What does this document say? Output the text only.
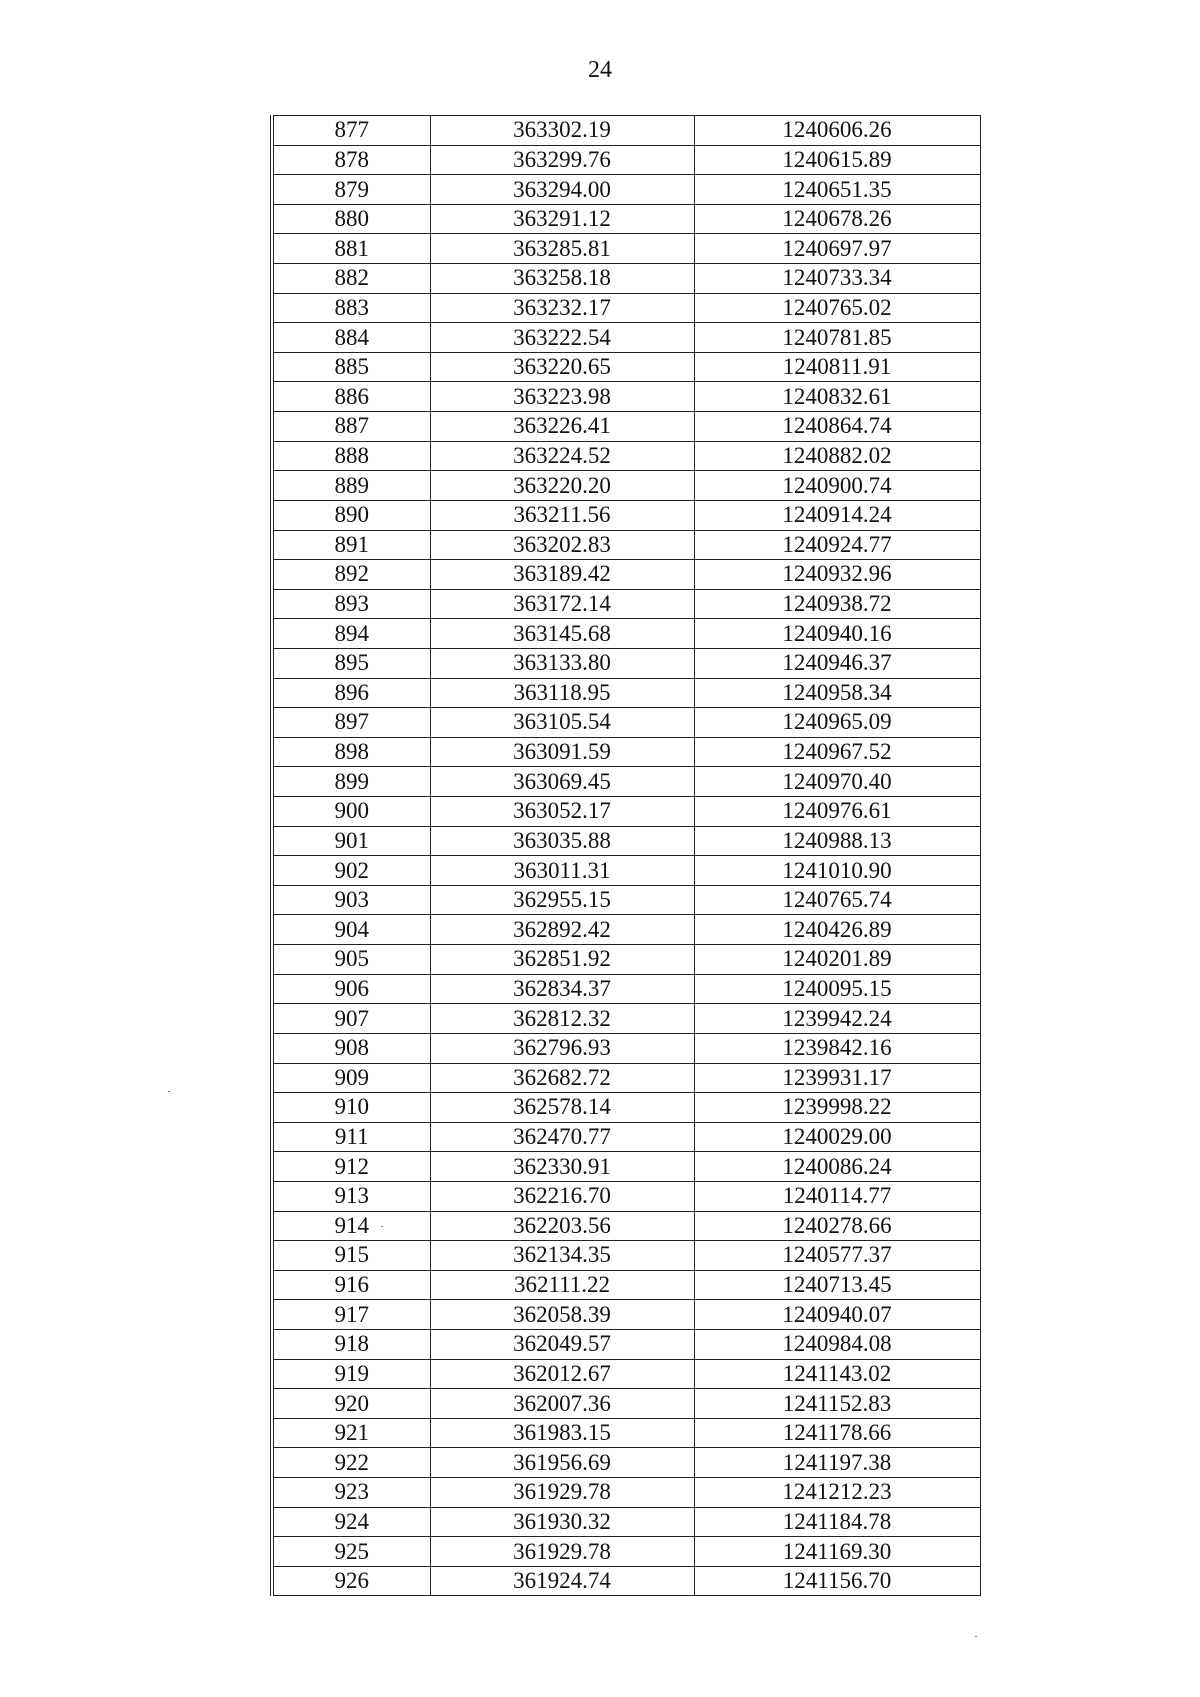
24
877	363302.19	1240606.26
878	363299.76	1240615.89
879	363294.00	1240651.35
880	363291.12	1240678.26
881	363285.81	1240697.97
882	363258.18	1240733.34
883	363232.17	1240765.02
884	363222.54	1240781.85
885	363220.65	1240811.91
886	363223.98	1240832.61
887	363226.41	1240864.74
888	363224.52	1240882.02
889	363220.20	1240900.74
890	363211.56	1240914.24
891	363202.83	1240924.77
892	363189.42	1240932.96
893	363172.14	1240938.72
894	363145.68	1240940.16
895	363133.80	1240946.37
896	363118.95	1240958.34
897	363105.54	1240965.09
898	363091.59	1240967.52
899	363069.45	1240970.40
900	363052.17	1240976.61
901	363035.88	1240988.13
902	363011.31	1241010.90
903	362955.15	1240765.74
904	362892.42	1240426.89
905	362851.92	1240201.89
906	362834.37	1240095.15
907	362812.32	1239942.24
908	362796.93	1239842.16
909	362682.72	1239931.17
910	362578.14	1239998.22
911	362470.77	1240029.00
912	362330.91	1240086.24
913	362216.70	1240114.77
914	362203.56	1240278.66
915	362134.35	1240577.37
916	362111.22	1240713.45
917	362058.39	1240940.07
918	362049.57	1240984.08
919	362012.67	1241143.02
920	362007.36	1241152.83
921	361983.15	1241178.66
922	361956.69	1241197.38
923	361929.78	1241212.23
924	361930.32	1241184.78
925	361929.78	1241169.30
926	361924.74	1241156.70
